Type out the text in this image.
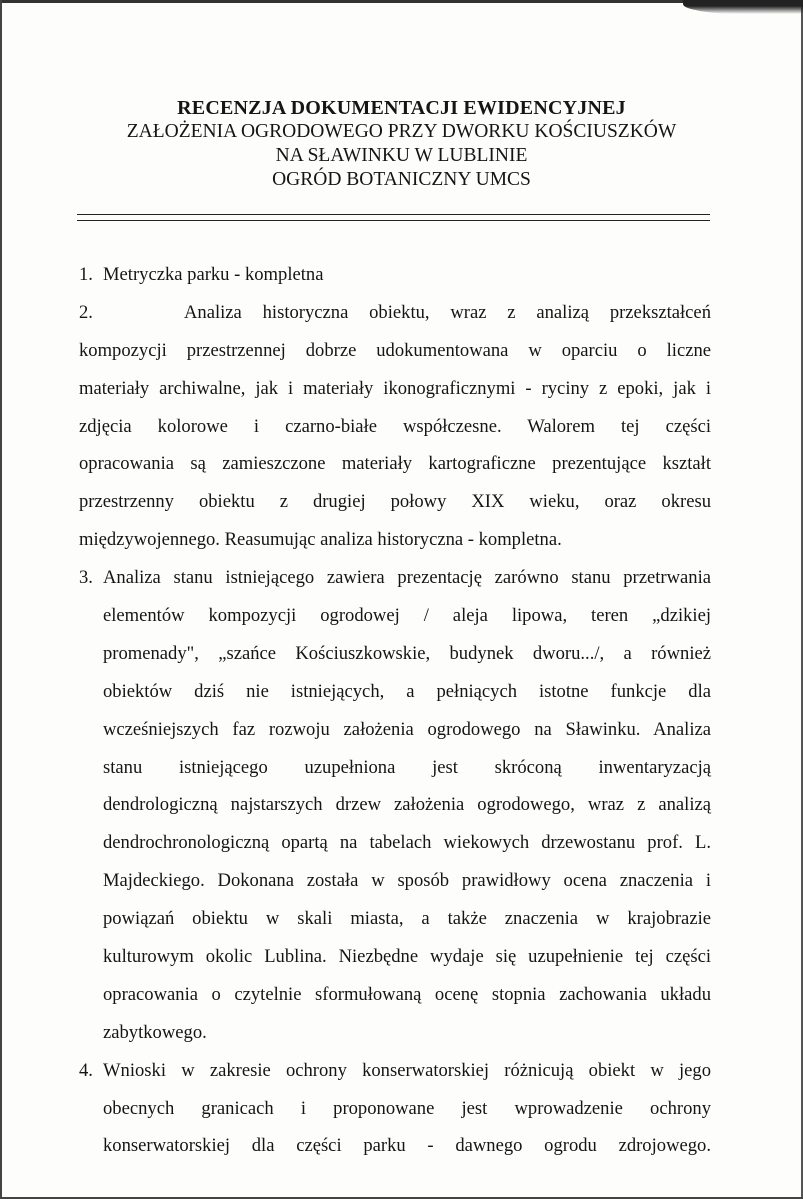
RECENZJA DOKUMENTACJI EWIDENCYJNEJ
ZAŁOŻENIA OGRODOWEGO PRZY DWORKU KOŚCIUSZKÓW
NA SŁAWINKU W LUBLINIE
OGRÓD BOTANICZNY UMCS
1. Metryczka parku - kompletna
2.	Analiza historyczna obiektu, wraz z analizą przekształceń
kompozycji przestrzennej dobrze udokumentowana w oparciu o liczne
materiały archiwalne, jak i materiały ikonograficznymi - ryciny z epoki, jak i
zdjęcia kolorowe i czarno-białe współczesne. Walorem tej części
opracowania są zamieszczone materiały kartograficzne prezentujące kształt
przestrzenny obiektu z drugiej połowy XIX wieku, oraz okresu
międzywojennego. Reasumując analiza historyczna - kompletna.
3. Analiza stanu istniejącego zawiera prezentację zarówno stanu przetrwania
elementów kompozycji ogrodowej / aleja lipowa, teren „dzikiej
promenady", „szańce Kościuszkowskie, budynek dworu.../, a również
obiektów dziś nie istniejących, a pełniących istotne funkcje dla
wcześniejszych faz rozwoju założenia ogrodowego na Sławinku. Analiza
stanu istniejącego uzupełniona jest skróconą inwentaryzacją
dendrologiczną najstarszych drzew założenia ogrodowego, wraz z analizą
dendrochronologiczną opartą na tabelach wiekowych drzewostanu prof. L.
Majdeckiego. Dokonana została w sposób prawidłowy ocena znaczenia i
powiązań obiektu w skali miasta, a także znaczenia w krajobrazie
kulturowym okolic Lublina. Niezbędne wydaje się uzupełnienie tej części
opracowania o czytelnie sformułowaną ocenę stopnia zachowania układu
zabytkowego.
4. Wnioski w zakresie ochrony konserwatorskiej różnicują obiekt w jego
obecnych granicach i proponowane jest wprowadzenie ochrony
konserwatorskiej dla części parku - dawnego ogrodu zdrojowego.
